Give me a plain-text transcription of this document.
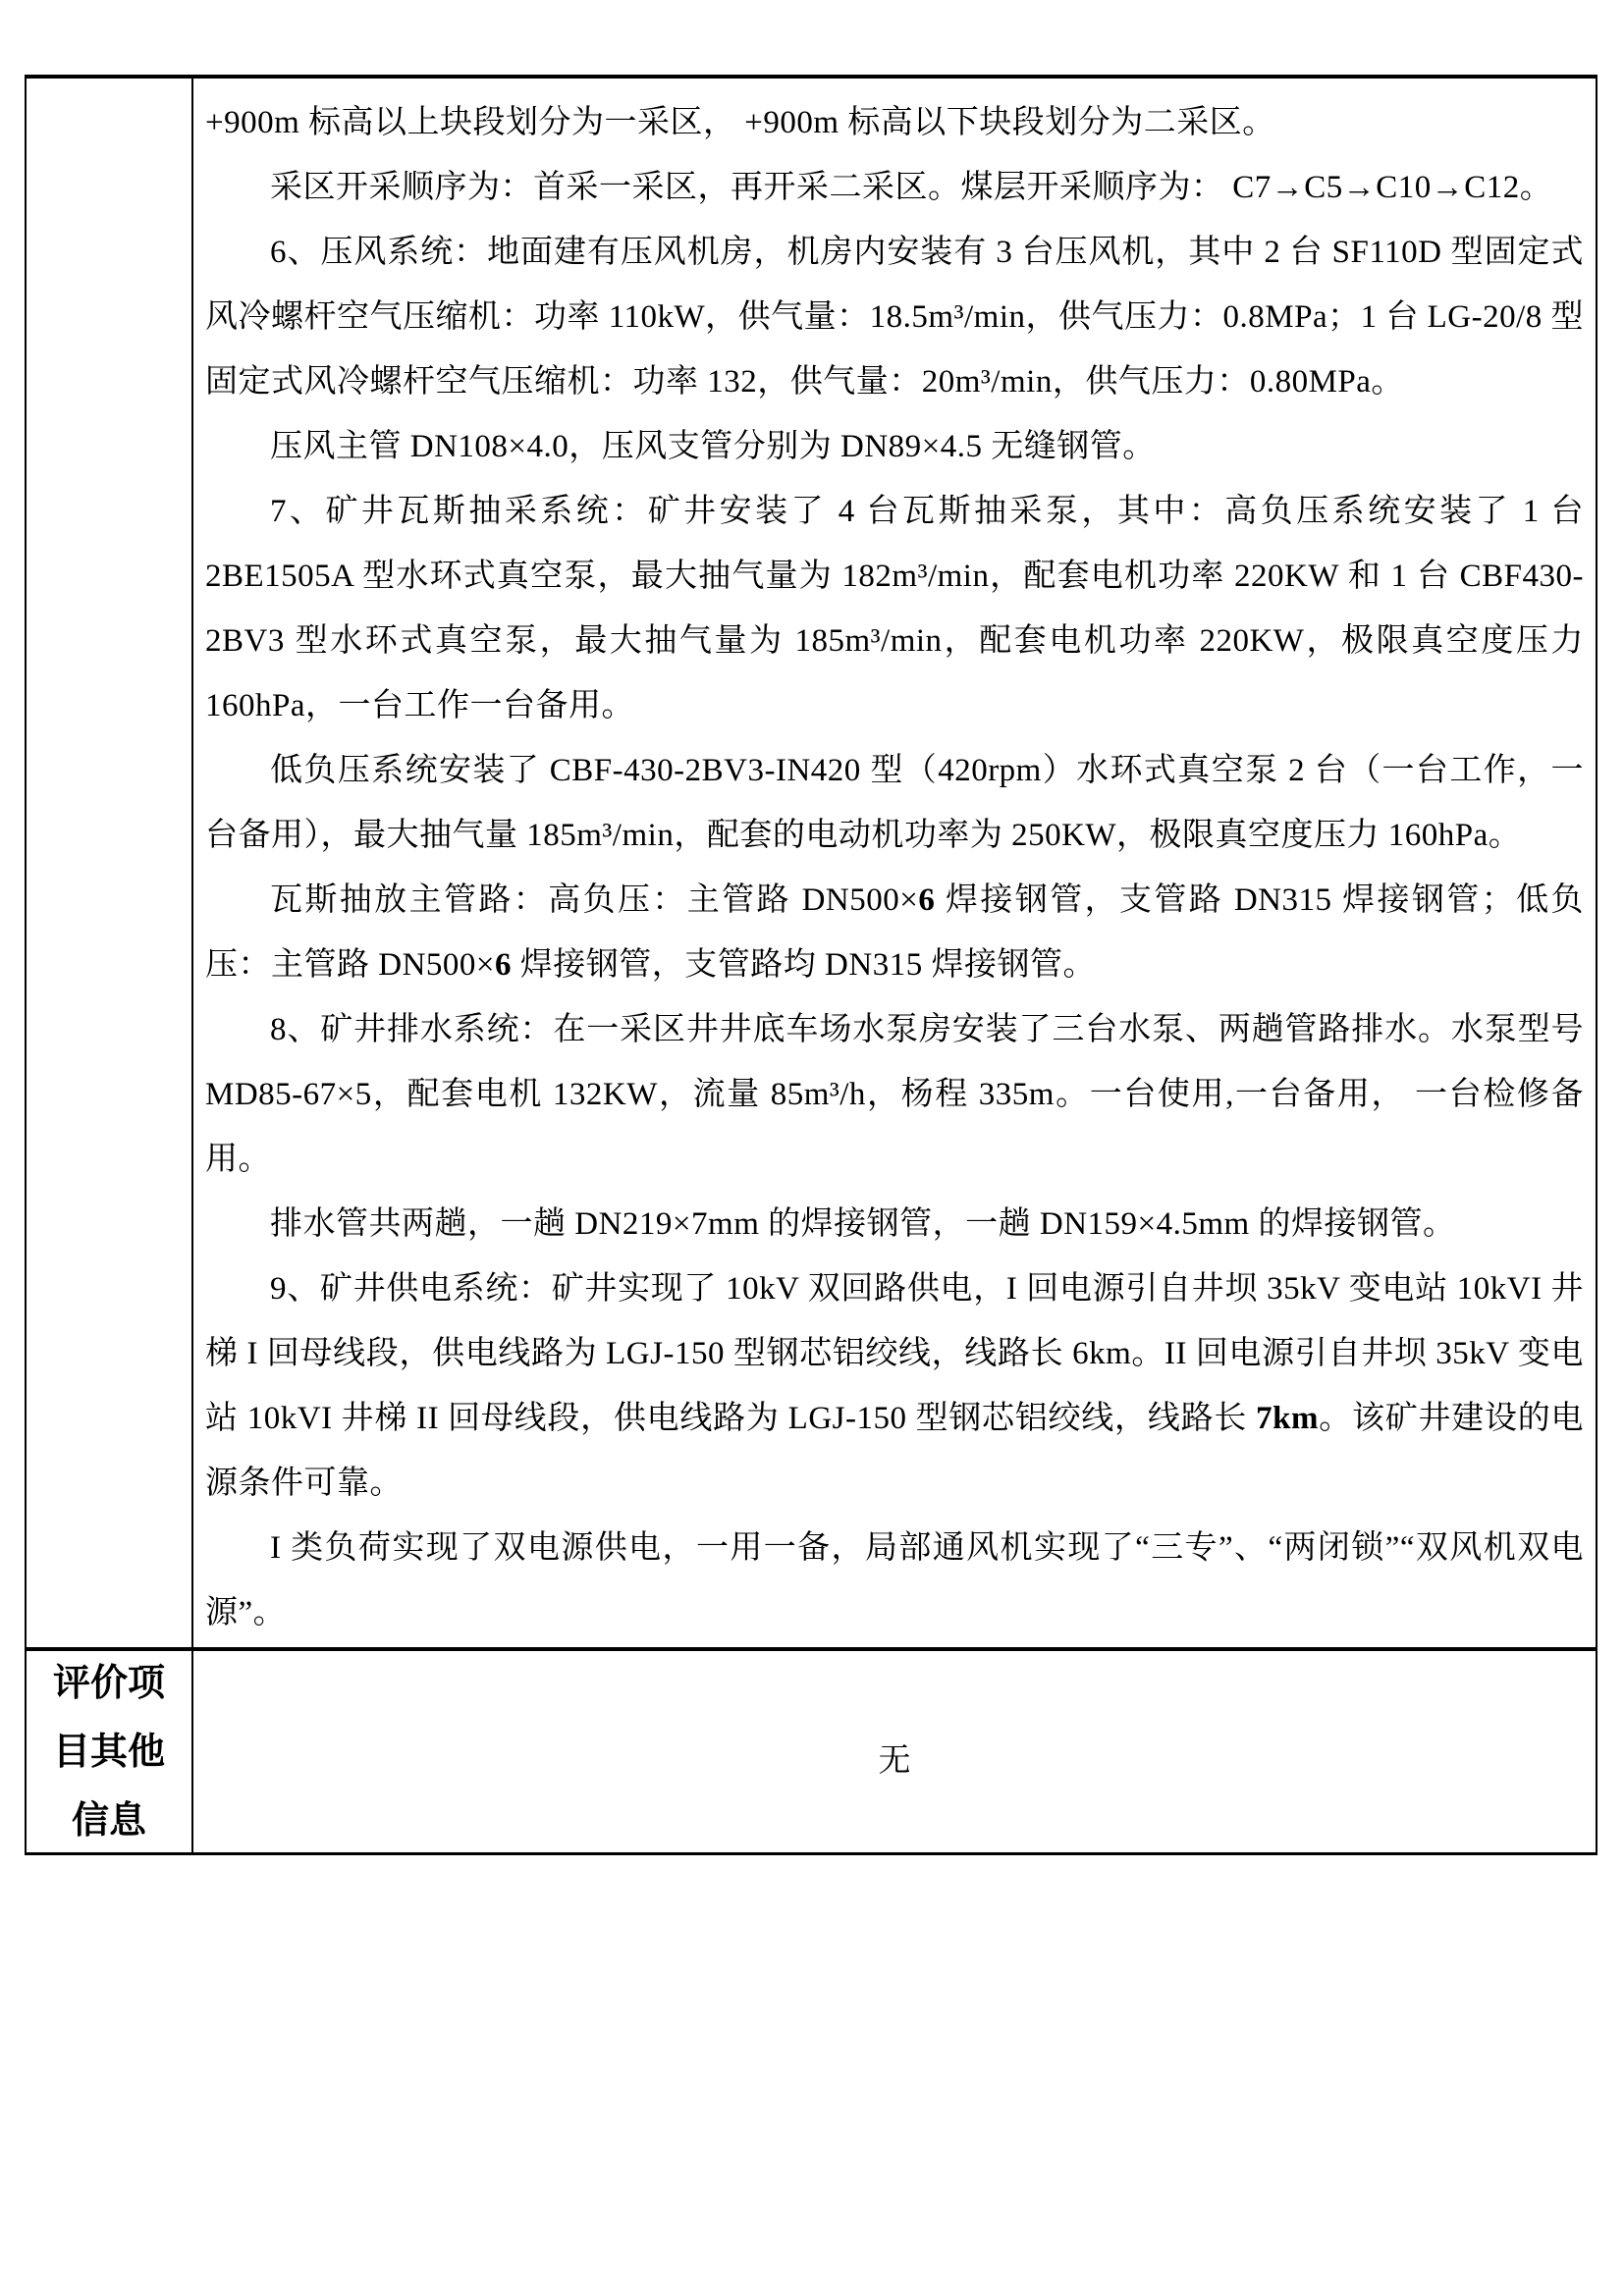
+900m 标高以上块段划分为一采区， +900m 标高以下块段划分为二采区。

采区开采顺序为：首采一采区，再开采二采区。煤层开采顺序为： C7→C5→C10→C12。

6、压风系统：地面建有压风机房，机房内安装有 3 台压风机，其中 2 台 SF110D 型固定式风冷螺杆空气压缩机：功率 110kW，供气量：18.5m³/min，供气压力：0.8MPa；1 台 LG-20/8 型固定式风冷螺杆空气压缩机：功率 132，供气量：20m³/min，供气压力：0.80MPa。

压风主管 DN108×4.0，压风支管分别为 DN89×4.5 无缝钢管。

7、矿井瓦斯抽采系统：矿井安装了 4 台瓦斯抽采泵，其中：高负压系统安装了 1 台 2BE1505A 型水环式真空泵，最大抽气量为 182m³/min，配套电机功率 220KW 和 1 台 CBF430-2BV3 型水环式真空泵，最大抽气量为 185m³/min，配套电机功率 220KW，极限真空度压力 160hPa，一台工作一台备用。

低负压系统安装了 CBF-430-2BV3-IN420 型（420rpm）水环式真空泵 2 台（一台工作，一台备用），最大抽气量 185m³/min，配套的电动机功率为 250KW，极限真空度压力 160hPa。

瓦斯抽放主管路：高负压：主管路 DN500×6 焊接钢管，支管路 DN315 焊接钢管；低负压：主管路 DN500×6 焊接钢管，支管路均 DN315 焊接钢管。

8、矿井排水系统：在一采区井井底车场水泵房安装了三台水泵、两趟管路排水。水泵型号 MD85-67×5，配套电机 132KW，流量 85m³/h，杨程 335m。一台使用,一台备用， 一台检修备用。

排水管共两趟，一趟 DN219×7mm 的焊接钢管，一趟 DN159×4.5mm 的焊接钢管。

9、矿井供电系统：矿井实现了 10kV 双回路供电，I 回电源引自井坝 35kV 变电站 10kVI 井梯 I 回母线段，供电线路为 LGJ-150 型钢芯铝绞线，线路长 6km。II 回电源引自井坝 35kV 变电站 10kVI 井梯 II 回母线段，供电线路为 LGJ-150 型钢芯铝绞线，线路长 7km。该矿井建设的电源条件可靠。

I 类负荷实现了双电源供电，一用一备，局部通风机实现了“三专”、“两闭锁”“双风机双电源”。

评价项目其他信息
无
